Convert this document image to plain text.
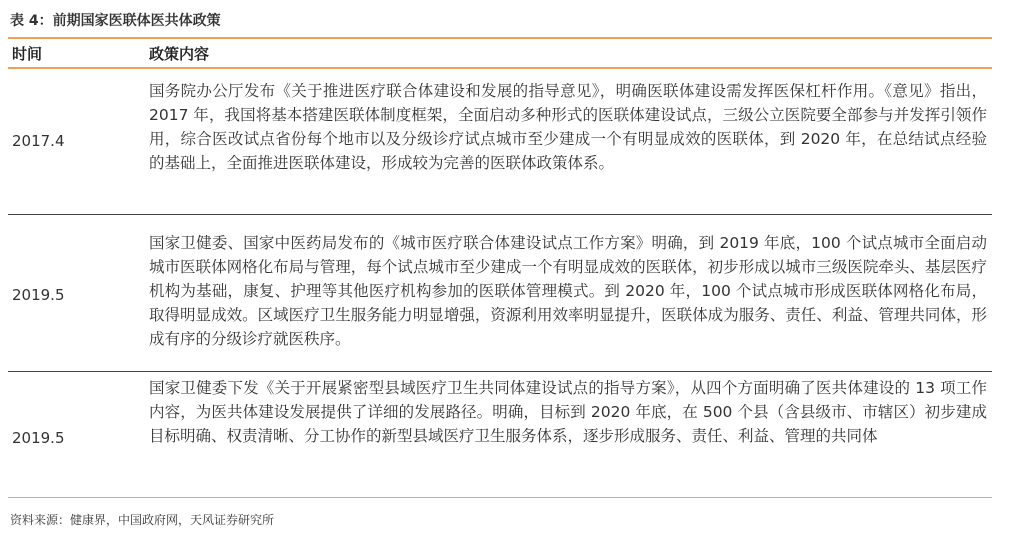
表 4：前期国家医联体医共体政策
时间	政策内容
2017.4
国务院办公厅发布《关于推进医疗联合体建设和发展的指导意见》，明确医联体建设需发挥医保杠杆作用。《意见》指出，2017 年，我国将基本搭建医联体制度框架，全面启动多种形式的医联体建设试点，三级公立医院要全部参与并发挥引领作用，综合医改试点省份每个地市以及分级诊疗试点城市至少建成一个有明显成效的医联体，到 2020 年，在总结试点经验的基础上，全面推进医联体建设，形成较为完善的医联体政策体系。
2019.5
国家卫健委、国家中医药局发布的《城市医疗联合体建设试点工作方案》明确，到 2019 年底，100 个试点城市全面启动城市医联体网格化布局与管理，每个试点城市至少建成一个有明显成效的医联体，初步形成以城市三级医院牵头、基层医疗机构为基础，康复、护理等其他医疗机构参加的医联体管理模式。到 2020 年，100 个试点城市形成医联体网格化布局，取得明显成效。区域医疗卫生服务能力明显增强，资源利用效率明显提升，医联体成为服务、责任、利益、管理共同体，形成有序的分级诊疗就医秩序。
2019.5
国家卫健委下发《关于开展紧密型县域医疗卫生共同体建设试点的指导方案》，从四个方面明确了医共体建设的 13 项工作内容，为医共体建设发展提供了详细的发展路径。明确，目标到 2020 年底，在 500 个县（含县级市、市辖区）初步建成目标明确、权责清晰、分工协作的新型县域医疗卫生服务体系，逐步形成服务、责任、利益、管理的共同体
资料来源：健康界，中国政府网，天风证券研究所
